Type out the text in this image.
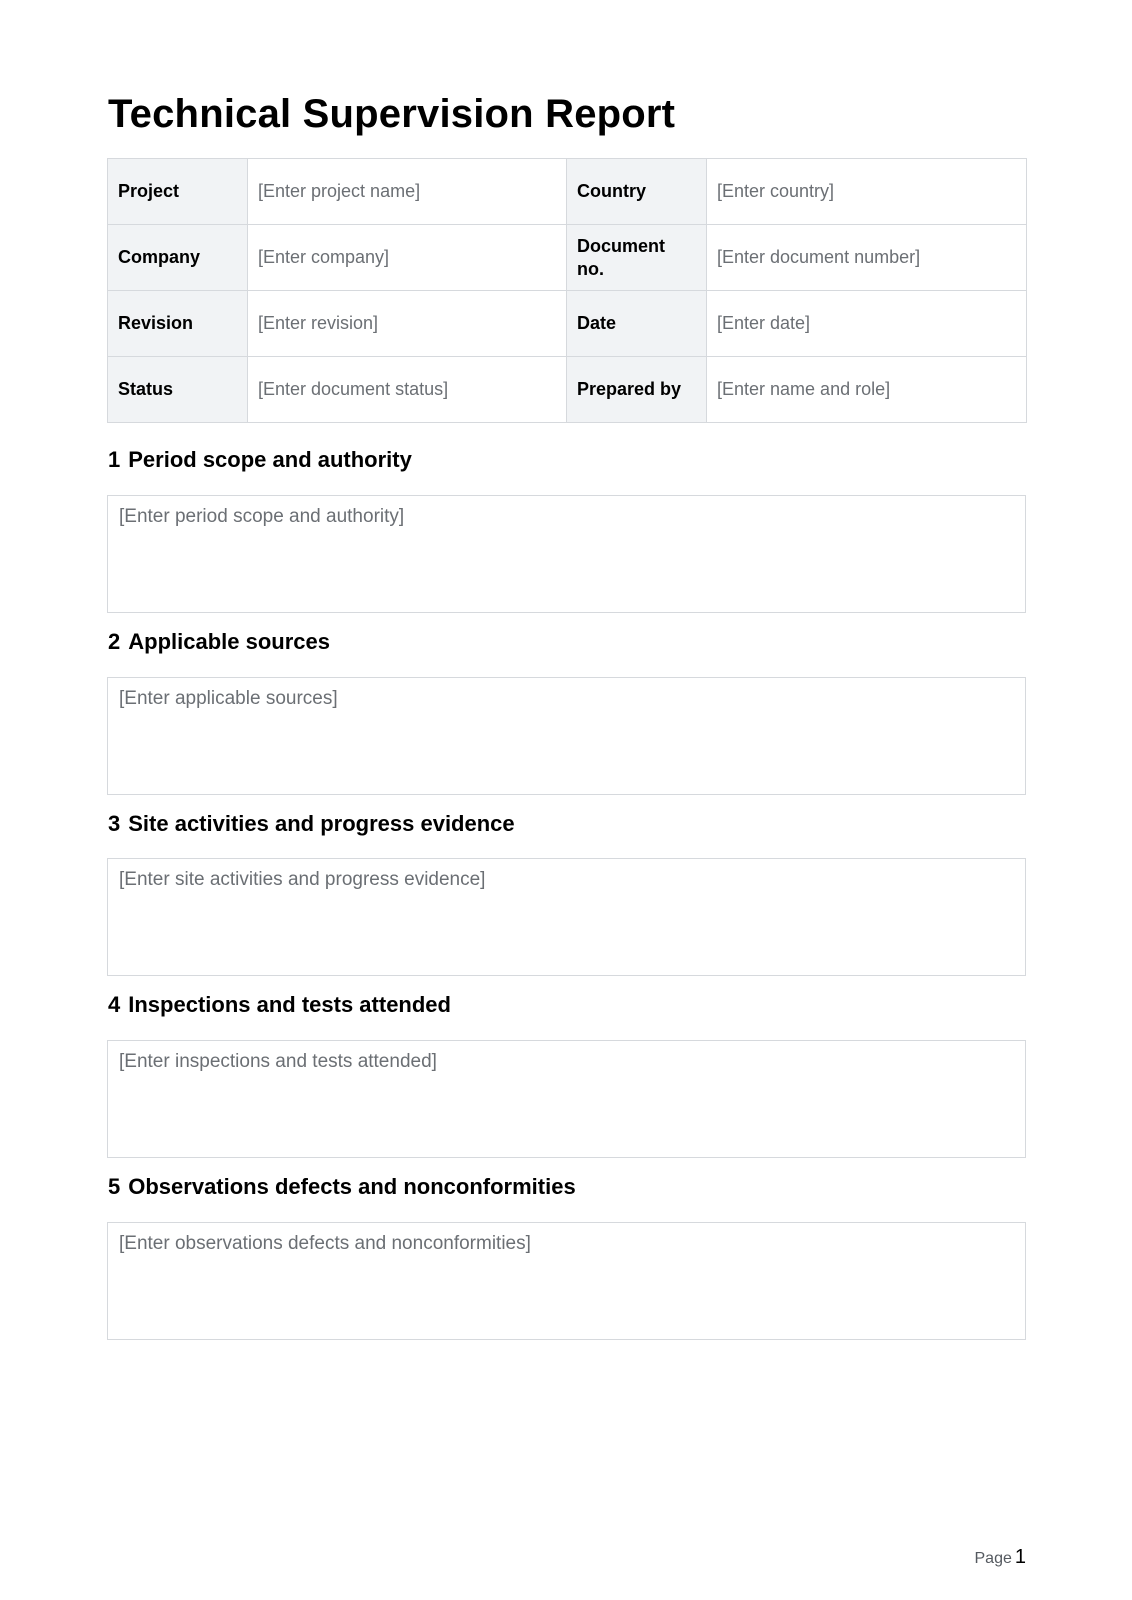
Technical Supervision Report
Project	[Enter project name]	Country	[Enter country]
Company	[Enter company]	Document no.	[Enter document number]
Revision	[Enter revision]	Date	[Enter date]
Status	[Enter document status]	Prepared by	[Enter name and role]
1 Period scope and authority
[Enter period scope and authority]
2 Applicable sources
[Enter applicable sources]
3 Site activities and progress evidence
[Enter site activities and progress evidence]
4 Inspections and tests attended
[Enter inspections and tests attended]
5 Observations defects and nonconformities
[Enter observations defects and nonconformities]
Page 1
